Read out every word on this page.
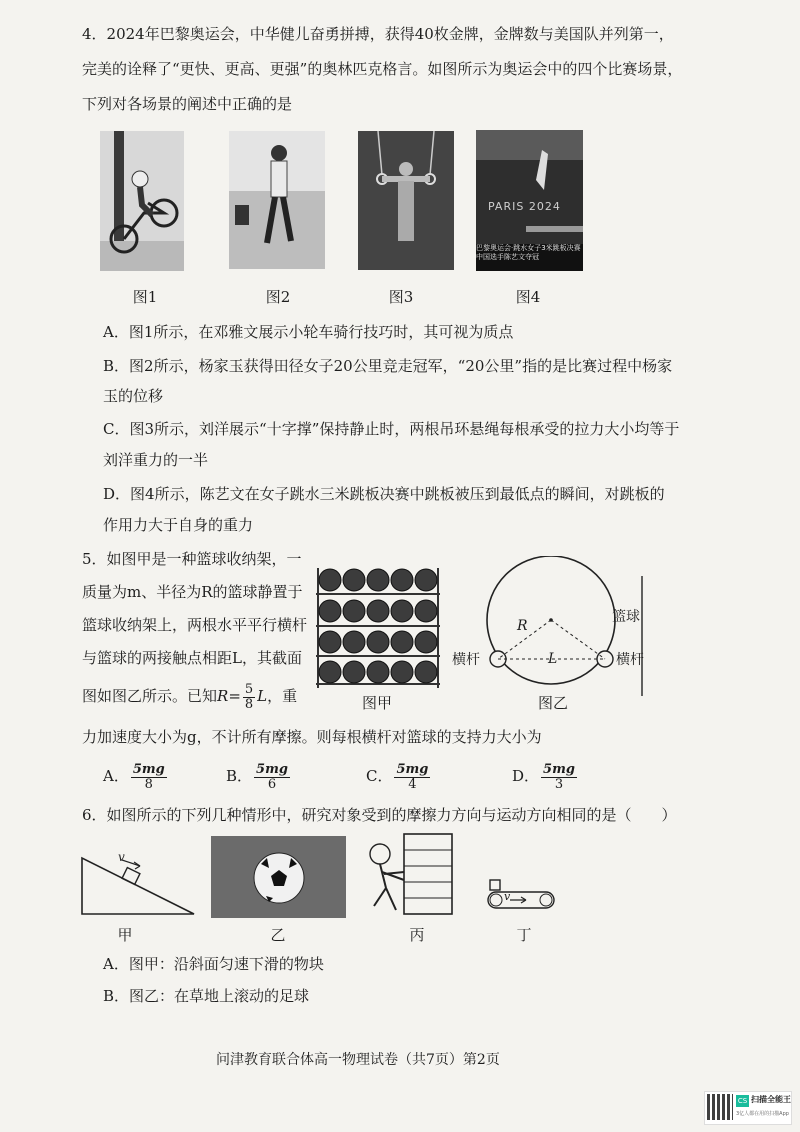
4．2024年巴黎奥运会，中华健儿奋勇拼搏，获得40枚金牌，金牌数与美国队并列第一，
完美的诠释了“更快、更高、更强”的奥林匹克格言。如图所示为奥运会中的四个比赛场景，
下列对各场景的阐述中正确的是
PARIS 2024
巴黎奥运会·跳水女子3米跳板决赛 中国选手陈艺文夺冠
图1	图2	图3	图4
A．图1所示，在邓雅文展示小轮车骑行技巧时，其可视为质点
B．图2所示，杨家玉获得田径女子20公里竞走冠军，“20公里”指的是比赛过程中杨家
玉的位移
C．图3所示，刘洋展示“十字撑”保持静止时，两根吊环悬绳每根承受的拉力大小均等于
刘洋重力的一半
D．图4所示，陈艺文在女子跳水三米跳板决赛中跳板被压到最低点的瞬间，对跳板的
作用力大于自身的重力
5．如图甲是一种篮球收纳架，一
质量为m、半径为R的篮球静置于
篮球收纳架上，两根水平平行横杆
与篮球的两接触点相距L，其截面
图如图乙所示。已知$R= \frac{5}{8}$ L，重
力加速度大小为g，不计所有摩擦。则每根横杆对篮球的支持力大小为
图甲
R
L
篮球
横杆	横杆
图乙
A． $\frac{5mg}{8}$	B． $\frac{5mg}{6}$	C． $\frac{5mg}{4}$	D． $\frac{5mg}{3}$
6．如图所示的下列几种情形中，研究对象受到的摩擦力方向与运动方向相同的是（　　）
v
甲	乙	丙
v
丁
A．图甲：沿斜面匀速下滑的物块
B．图乙：在草地上滚动的足球
问津教育联合体高一物理试卷（共7页）第2页
CS 扫描全能王
3亿人都在用的扫描App
